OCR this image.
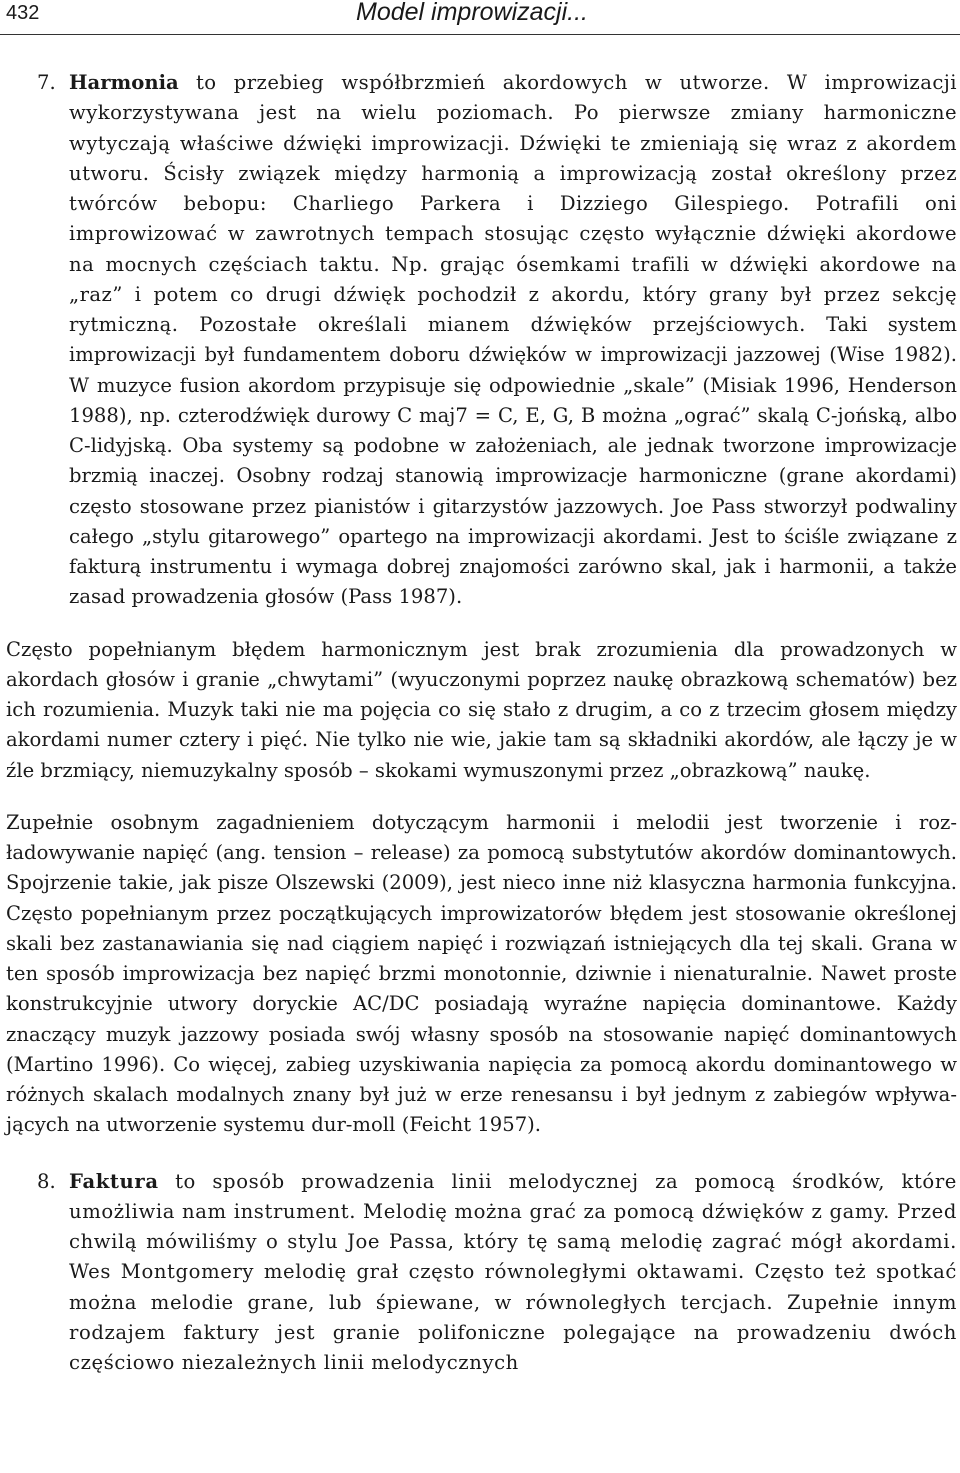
432	Model improwizacji...
7. Harmonia to przebieg współbrzmień akordowych w utworze. W improwizacji wykorzystywana jest na wielu poziomach. Po pierwsze zmiany harmoniczne wytyczają właściwe dźwięki improwizacji. Dźwięki te zmieniają się wraz z akordem utworu. Ścisły związek między harmonią a improwizacją został określony przez twórców bebopu: Charliego Parkera i Dizziego Gilespiego. Potrafili oni improwizować w zawrotnych tempach stosując często wyłącznie dźwięki akordowe na mocnych częściach taktu. Np. grając ósemkami trafili w dźwięki akordowe na „raz” i potem co drugi dźwięk pochodził z akordu, który grany był przez sekcję rytmiczną. Pozostałe określali mianem dźwięków przejściowych. Taki system improwizacji był fundamentem doboru dźwięków w improwizacji jazzowej (Wise 1982). W muzyce fusion akordom przypisuje się odpowiednie „skale” (Misiak 1996, Henderson 1988), np. czterodźwięk durowy C maj7 = C, E, G, B można „ograć” skalą C-jońską, albo C-lidyjską. Oba systemy są podobne w założeniach, ale jednak tworzone improwizacje brzmią inaczej. Osobny rodzaj stanowią improwizacje harmoniczne (grane akordami) często stosowane przez pianistów i gitarzystów jazzowych. Joe Pass stworzył podwaliny całego „stylu gitarowego” opartego na improwizacji akordami. Jest to ściśle związane z fakturą instrumentu i wymaga dobrej znajomości zarówno skal, jak i harmonii, a także zasad prowadzenia głosów (Pass 1987).

Często popełnianym błędem harmonicznym jest brak zrozumienia dla prowadzonych w akordach głosów i granie „chwytami” (wyuczonymi poprzez naukę obrazkową schematów) bez ich rozumienia. Muzyk taki nie ma pojęcia co się stało z drugim, a co z trzecim głosem między akordami numer cztery i pięć. Nie tylko nie wie, jakie tam są składniki akordów, ale łączy je w źle brzmiący, niemuzykalny sposób – skokami wymuszonymi przez „obrazkową” naukę.

Zupełnie osobnym zagadnieniem dotyczącym harmonii i melodii jest tworzenie i rozładowywanie napięć (ang. tension – release) za pomocą substytutów akordów dominantowych. Spojrzenie takie, jak pisze Olszewski (2009), jest nieco inne niż klasyczna harmonia funkcyjna. Często popełnianym przez początkujących improwizatorów błędem jest stosowanie określonej skali bez zastanawiania się nad ciągiem napięć i rozwiązań istniejących dla tej skali. Grana w ten sposób improwizacja bez napięć brzmi monotonnie, dziwnie i nienaturalnie. Nawet proste konstrukcyjnie utwory doryckie AC/DC posiadają wyraźne napięcia dominantowe. Każdy znaczący muzyk jazzowy posiada swój własny sposób na stosowanie napięć dominantowych (Martino 1996). Co więcej, zabieg uzyskiwania napięcia za pomocą akordu dominantowego w różnych skalach modalnych znany był już w erze renesansu i był jednym z zabiegów wpływających na utworzenie systemu dur-moll (Feicht 1957).

8. Faktura to sposób prowadzenia linii melodycznej za pomocą środków, które umożliwia nam instrument. Melodię można grać za pomocą dźwięków z gamy. Przed chwilą mówiliśmy o stylu Joe Passa, który tę samą melodię zagrać mógł akordami. Wes Montgomery melodię grał często równoległymi oktawami. Często też spotkać można melodie grane, lub śpiewane, w równoległych tercjach. Zupełnie innym rodzajem faktury jest granie polifoniczne polegające na prowadzeniu dwóch częściowo niezależnych linii melodycznych
